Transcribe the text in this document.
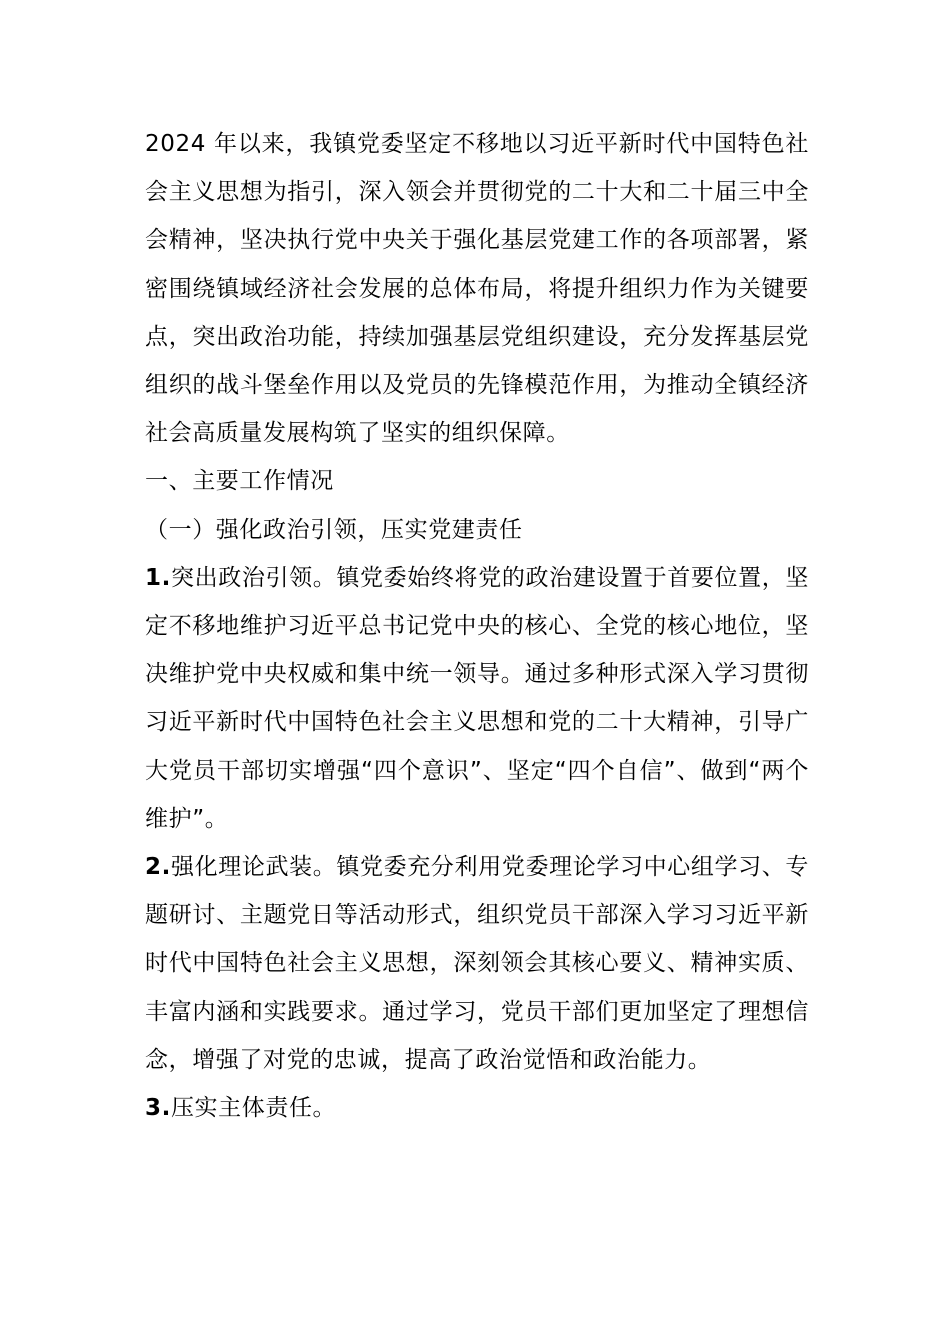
2024 年以来，我镇党委坚定不移地以习近平新时代中国特色社会主义思想为指引，深入领会并贯彻党的二十大和二十届三中全会精神，坚决执行党中央关于强化基层党建工作的各项部署，紧密围绕镇域经济社会发展的总体布局，将提升组织力作为关键要点，突出政治功能，持续加强基层党组织建设，充分发挥基层党组织的战斗堡垒作用以及党员的先锋模范作用，为推动全镇经济社会高质量发展构筑了坚实的组织保障。

一、主要工作情况

（一）强化政治引领，压实党建责任

1.突出政治引领。镇党委始终将党的政治建设置于首要位置，坚定不移地维护习近平总书记党中央的核心、全党的核心地位，坚决维护党中央权威和集中统一领导。通过多种形式深入学习贯彻习近平新时代中国特色社会主义思想和党的二十大精神，引导广大党员干部切实增强“四个意识”、坚定“四个自信”、做到“两个维护”。

2.强化理论武装。镇党委充分利用党委理论学习中心组学习、专题研讨、主题党日等活动形式，组织党员干部深入学习习近平新时代中国特色社会主义思想，深刻领会其核心要义、精神实质、丰富内涵和实践要求。通过学习，党员干部们更加坚定了理想信念，增强了对党的忠诚，提高了政治觉悟和政治能力。

3.压实主体责任。
